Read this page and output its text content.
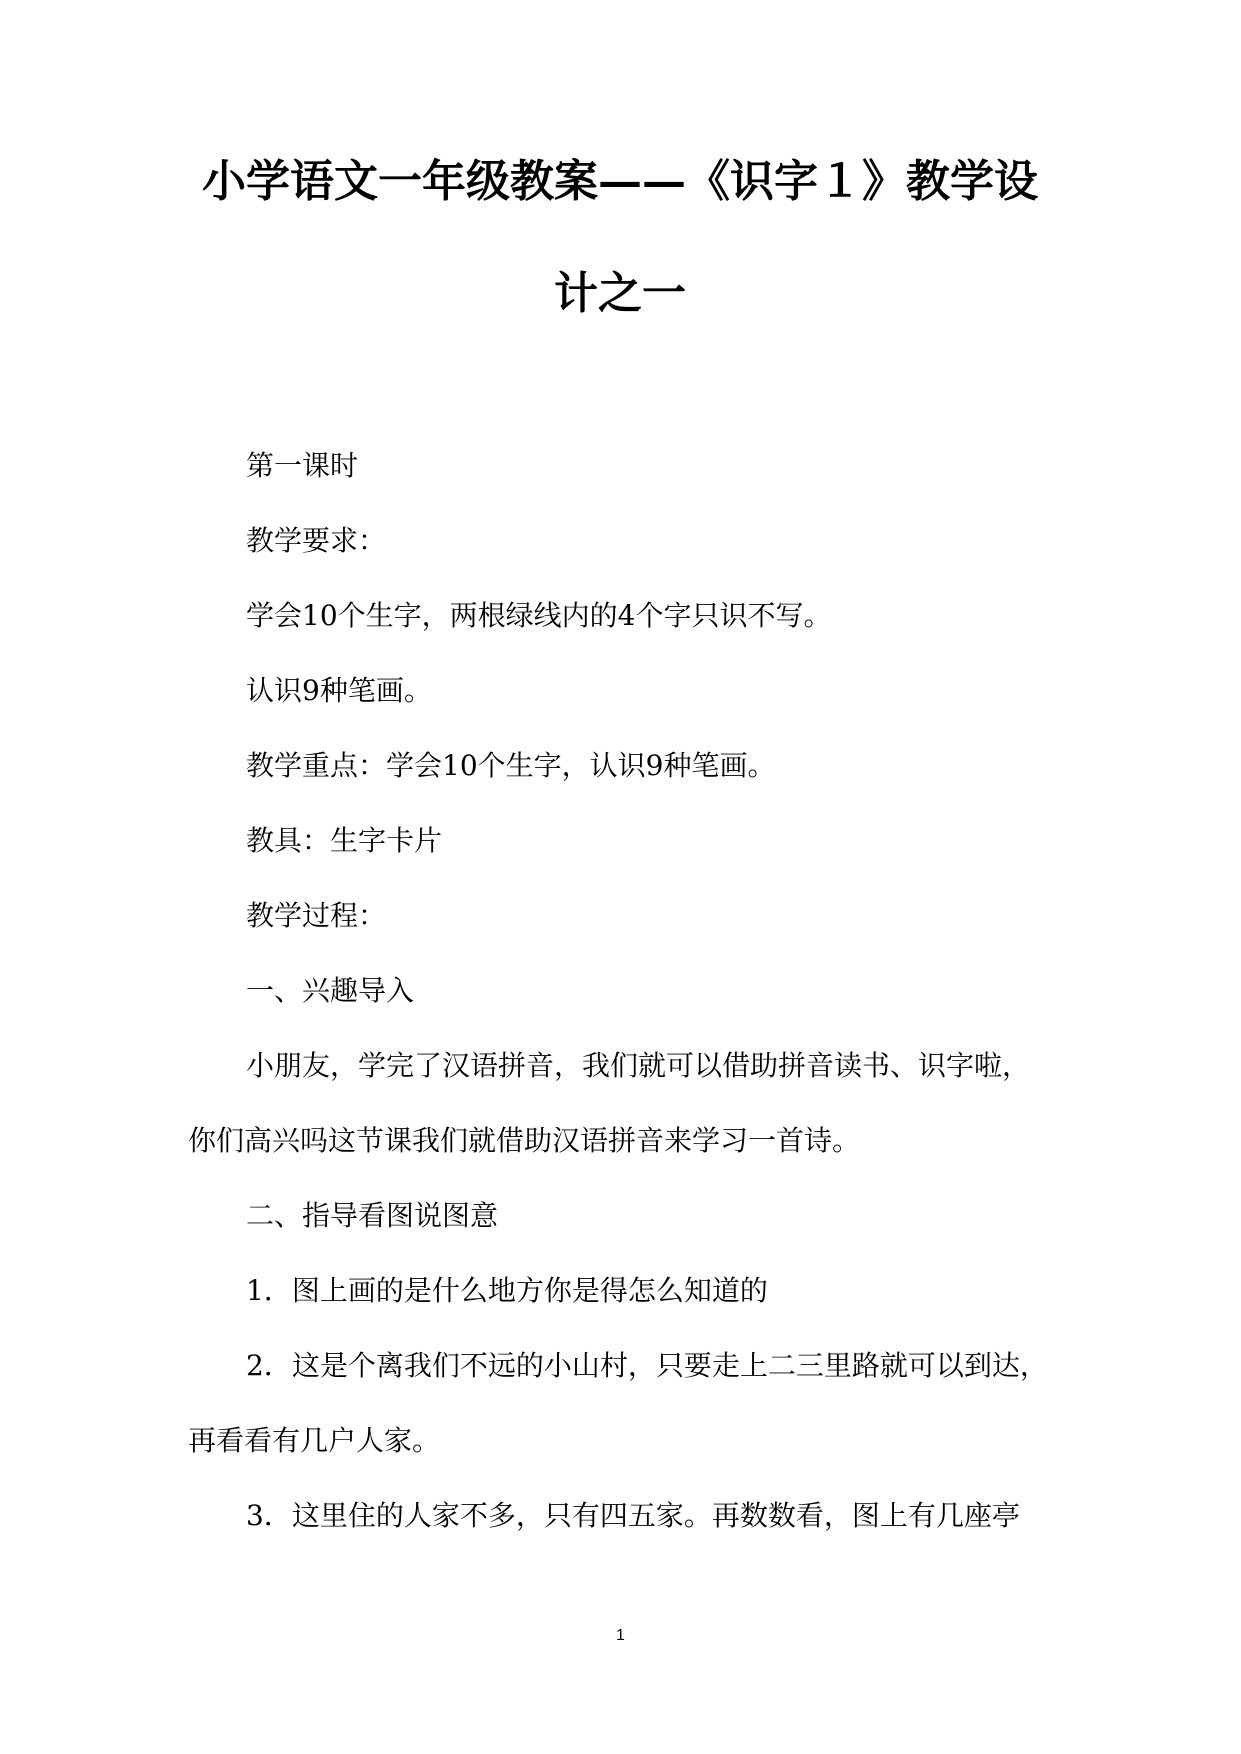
小学语文一年级教案——《识字１》教学设
计之一
第一课时
教学要求：
学会10个生字，两根绿线内的4个字只识不写。
认识9种笔画。
教学重点：学会10个生字，认识9种笔画。
教具：生字卡片
教学过程：
一、兴趣导入
小朋友，学完了汉语拼音，我们就可以借助拼音读书、识字啦，
你们高兴吗这节课我们就借助汉语拼音来学习一首诗。
二、指导看图说图意
1．图上画的是什么地方你是得怎么知道的
2．这是个离我们不远的小山村，只要走上二三里路就可以到达，
再看看有几户人家。
3．这里住的人家不多，只有四五家。再数数看，图上有几座亭
1
